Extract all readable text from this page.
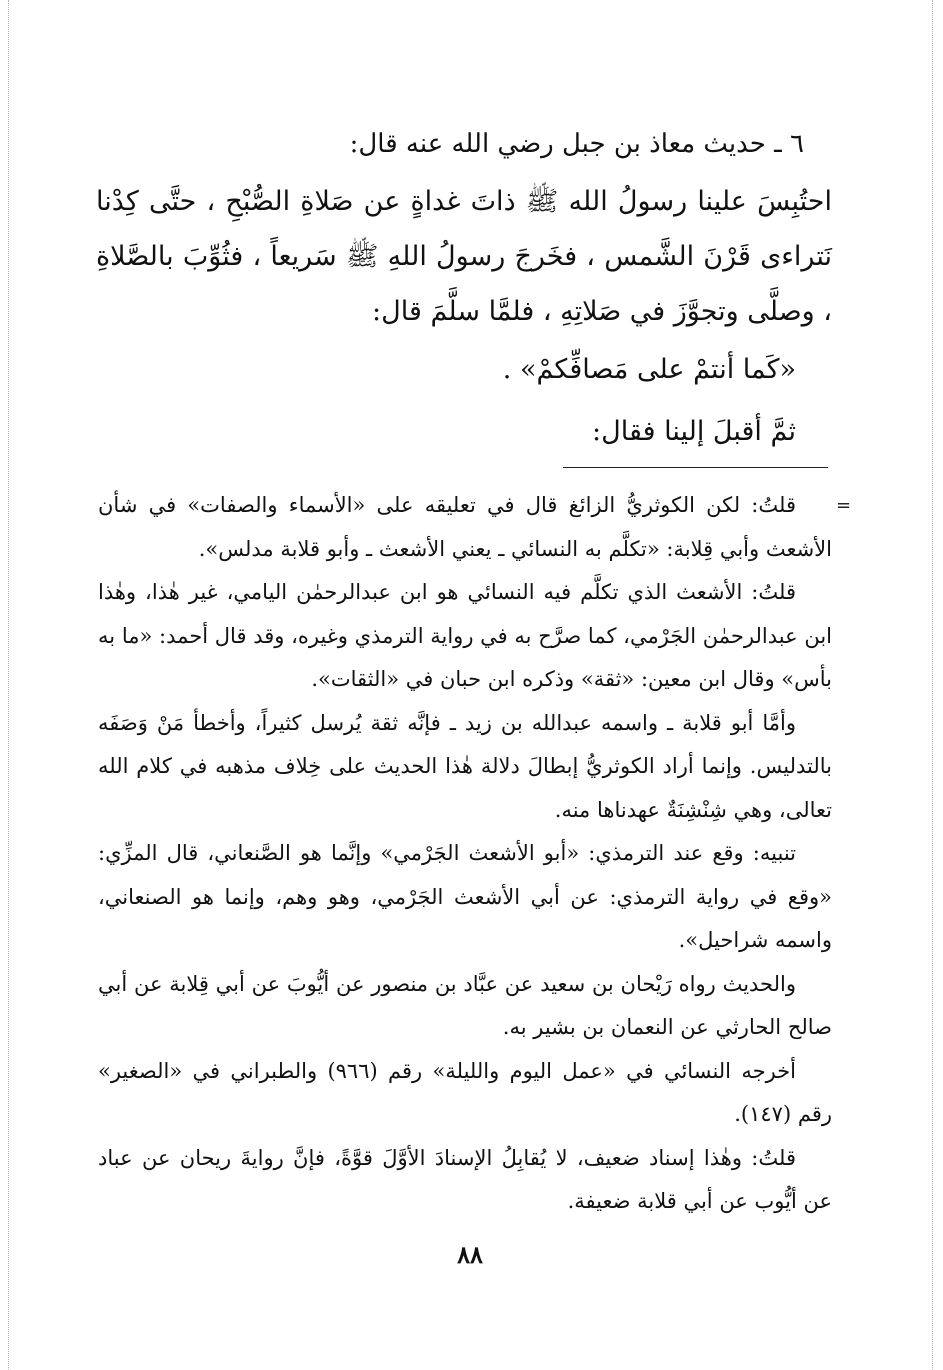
٦ ـ حديث معاذ بن جبل رضي الله عنه قال:

احتُبِسَ علينا رسولُ الله ﷺ ذاتَ غداةٍ عن صَلاةِ الصُّبْحِ ، حتَّى كِدْنا نَتراءى قَرْنَ الشَّمس ، فخَرجَ رسولُ اللهِ ﷺ سَريعاً ، فثُوِّبَ بالصَّلاةِ ، وصلَّى وتجوَّزَ في صَلاتِهِ ، فلمَّا سلَّمَ قال:

«كَما أنتمْ على مَصافِّكمْ» .

ثمَّ أقبلَ إلينا فقال:

=

قلتُ: لكن الكوثريُّ الزائغ قال في تعليقه على «الأسماء والصفات» في شأن الأشعث وأبي قِلابة: «تكلَّم به النسائي ـ يعني الأشعث ـ وأبو قلابة مدلس».

قلتُ: الأشعث الذي تكلَّم فيه النسائي هو ابن عبدالرحمٰن اليامي، غير هٰذا، وهٰذا ابن عبدالرحمٰن الجَرْمي، كما صرَّح به في رواية الترمذي وغيره، وقد قال أحمد: «ما به بأس» وقال ابن معين: «ثقة» وذكره ابن حبان في «الثقات».

وأمَّا أبو قلابة ـ واسمه عبدالله بن زيد ـ فإنَّه ثقة يُرسل كثيراً، وأخطأ مَنْ وَصَفَه بالتدليس. وإنما أراد الكوثريُّ إبطالَ دلالة هٰذا الحديث على خِلاف مذهبه في كلام الله تعالى، وهي شِنْشِنَةٌ عهدناها منه.

تنبيه: وقع عند الترمذي: «أبو الأشعث الجَرْمي» وإنَّما هو الصَّنعاني، قال المزِّي: «وقع في رواية الترمذي: عن أبي الأشعث الجَرْمي، وهو وهم، وإنما هو الصنعاني، واسمه شراحيل».

والحديث رواه رَيْحان بن سعيد عن عبَّاد بن منصور عن أيُّوبَ عن أبي قِلابة عن أبي صالح الحارثي عن النعمان بن بشير به.

أخرجه النسائي في «عمل اليوم والليلة» رقم (٩٦٦) والطبراني في «الصغير» رقم (١٤٧).

قلتُ: وهٰذا إسناد ضعيف، لا يُقابِلُ الإسنادَ الأوَّلَ قوَّةً، فإنَّ روايةَ ريحان عن عباد عن أيُّوب عن أبي قلابة ضعيفة.

٨٨
